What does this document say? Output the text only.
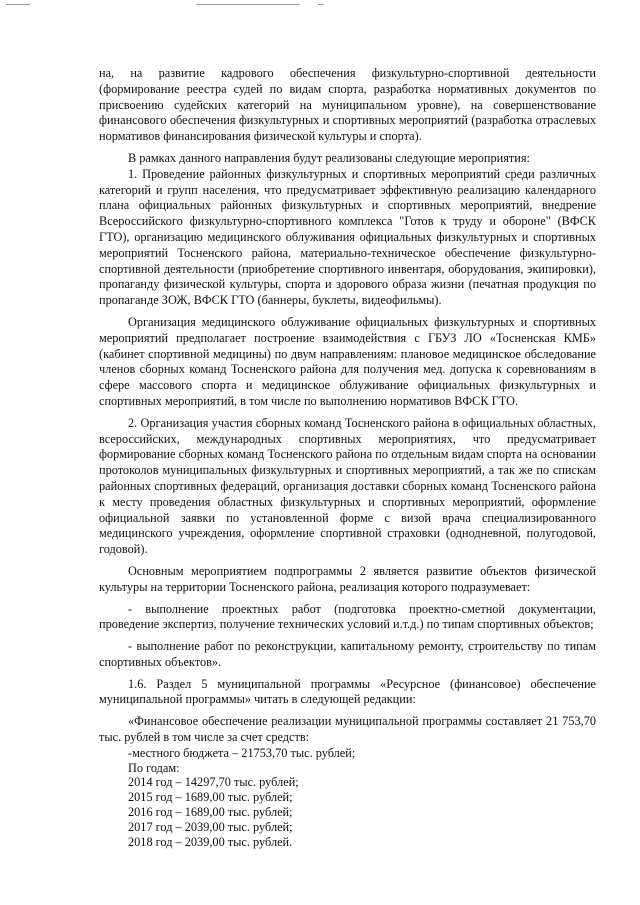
на, на развитие кадрового обеспечения физкультурно-спортивной деятельности (формирование реестра судей по видам спорта, разработка нормативных документов по присвоению судейских категорий на муниципальном уровне), на совершенствование финансового обеспечения физкультурных и спортивных мероприятий (разработка отраслевых нормативов финансирования физической культуры и спорта).

В рамках данного направления будут реализованы следующие мероприятия:

1. Проведение районных физкультурных и спортивных мероприятий среди различных категорий и групп населения, что предусматривает эффективную реализацию календарного плана официальных районных физкультурных и спортивных мероприятий, внедрение Всероссийского физкультурно-спортивного комплекса "Готов к труду и обороне" (ВФСК ГТО), организацию медицинского облуживания официальных физкультурных и спортивных мероприятий Тосненского района, материально-техническое обеспечение физкультурно-спортивной деятельности (приобретение спортивного инвентаря, оборудования, экипировки), пропаганду физической культуры, спорта и здорового образа жизни (печатная продукция по пропаганде ЗОЖ, ВФСК ГТО (баннеры, буклеты, видеофильмы).

Организация медицинского облуживание официальных физкультурных и спортивных мероприятий предполагает построение взаимодействия с ГБУЗ ЛО «Тосненская КМБ» (кабинет спортивной медицины) по двум направлениям: плановое медицинское обследование членов сборных команд Тосненского района для получения мед. допуска к соревнованиям в сфере массового спорта и медицинское облуживание официальных физкультурных и спортивных мероприятий, в том числе по выполнению нормативов ВФСК ГТО.

2. Организация участия сборных команд Тосненского района в официальных областных, всероссийских, международных спортивных мероприятиях, что предусматривает формирование сборных команд Тосненского района по отдельным видам спорта на основании протоколов муниципальных физкультурных и спортивных мероприятий, а так же по спискам районных спортивных федераций, организация доставки сборных команд Тосненского района к месту проведения областных физкультурных и спортивных мероприятий, оформление официальной заявки по установленной форме с визой врача специализированного медицинского учреждения, оформление спортивной страховки (однодневной, полугодовой, годовой).

Основным мероприятием подпрограммы 2 является развитие объектов физической культуры на территории Тосненского района, реализация которого подразумевает:

- выполнение проектных работ (подготовка проектно-сметной документации, проведение экспертиз, получение технических условий и.т.д.) по типам спортивных объектов;

- выполнение работ по реконструкции, капитальному ремонту, строительству по типам спортивных объектов».

1.6. Раздел 5 муниципальной программы «Ресурсное (финансовое) обеспечение муниципальной программы» читать в следующей редакции:

«Финансовое обеспечение реализации муниципальной программы составляет 21 753,70 тыс. рублей в том числе за счет средств:

-местного бюджета – 21753,70 тыс. рублей;

По годам:

2014 год – 14297,70 тыс. рублей;

2015 год – 1689,00 тыс. рублей;

2016 год – 1689,00 тыс. рублей;

2017 год – 2039,00 тыс. рублей;

2018 год – 2039,00 тыс. рублей.
